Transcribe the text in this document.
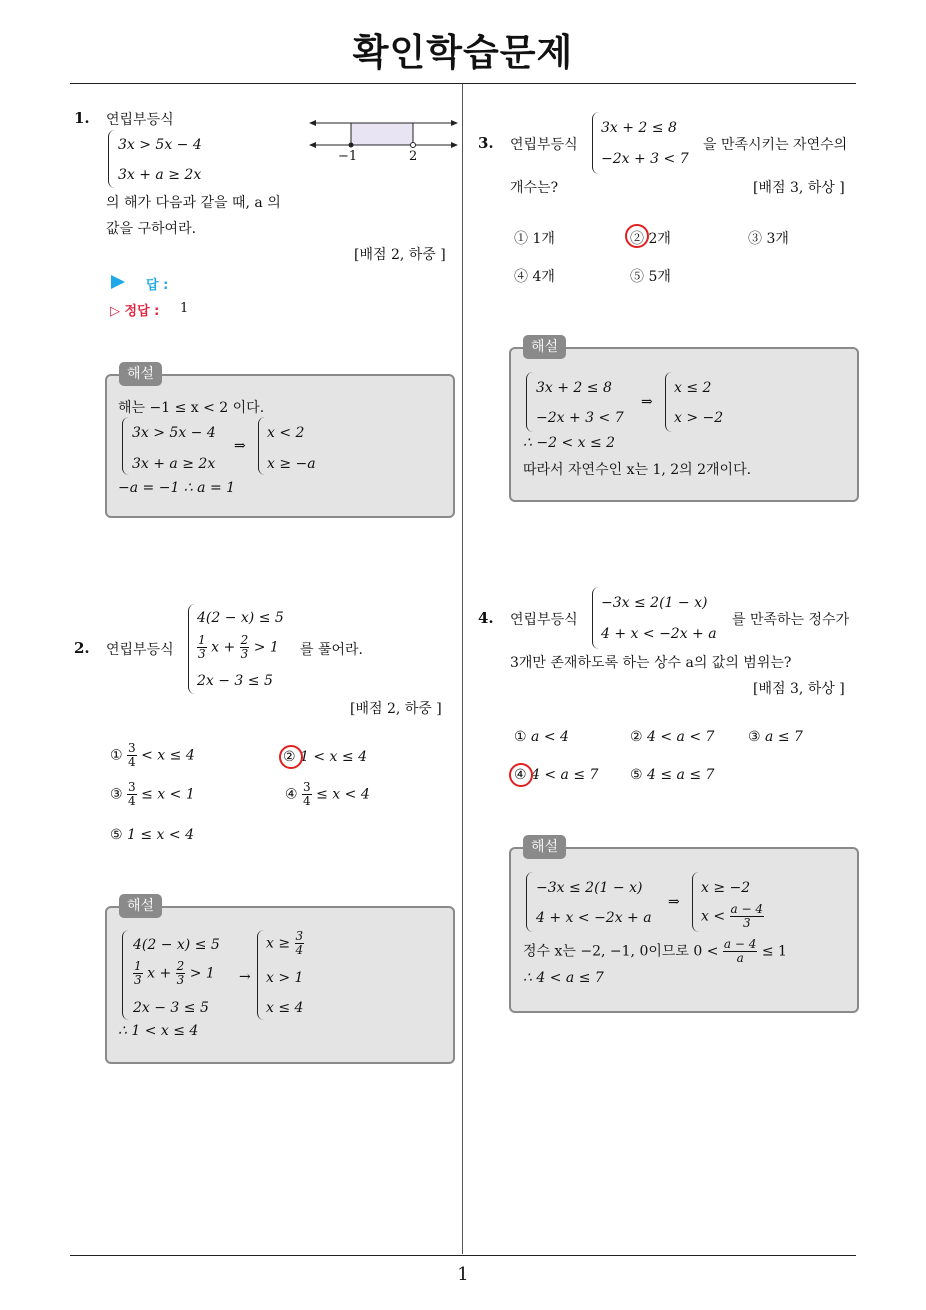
확인학습문제
1. 연립부등식
3x > 5x − 4
3x + a ≥ 2x
의 해가 다음과 같을 때, a 의
값을 구하여라.
−1	2
[배점 2, 하중 ]
답 :
▷ 정답 : 1
해설
해는 −1 ≤ x < 2 이다.
3x > 5x − 4
3x + a ≥ 2x
⇒
x < 2
x ≥ −a
−a = −1 ∴ a = 1
2. 연립부등식
4(2 − x) ≤ 5
$\frac{1}{3}$ $x + \frac{2}{3} > 1$
2x − 3 ≤ 5
를 풀어라.
[배점 2, 하중 ]
① $\frac{3}{4} < x \le 4$	② 1 < x ≤ 4
③ $\frac{3}{4} \le x < 1$	④ $\frac{3}{4} \le x < 4$
⑤ 1 ≤ x < 4
해설
4(2 − x) ≤ 5
$\frac{1}{3}$ $x + \frac{2}{3} > 1$
2x − 3 ≤ 5
→
$x \ge \frac{3}{4}$
x > 1
x ≤ 4
∴ 1 < x ≤ 4
3. 연립부등식
3x + 2 ≤ 8
−2x + 3 < 7
을 만족시키는 자연수의
개수는?	[배점 3, 하상 ]
① 1개	② 2개	③ 3개
④ 4개	⑤ 5개
해설
3x + 2 ≤ 8
−2x + 3 < 7
⇒
x ≤ 2
x > −2
∴ −2 < x ≤ 2
따라서 자연수인 x는 1, 2의 2개이다.
4. 연립부등식
−3x ≤ 2(1 − x)
4 + x < −2x + a
를 만족하는 정수가
3개만 존재하도록 하는 상수 a의 값의 범위는?
[배점 3, 하상 ]
① a < 4	② 4 < a < 7 ③ a ≤ 7
④ 4 < a ≤ 7 ⑤ 4 ≤ a ≤ 7
해설
−3x ≤ 2(1 − x)
4 + x < −2x + a
⇒
x ≥ −2
$x < \frac{a - 4}{3}$
정수 x는 −2, −1, 0이므로 $0 < \frac{a - 4}{a} \le 1$
∴ 4 < a ≤ 7
1
